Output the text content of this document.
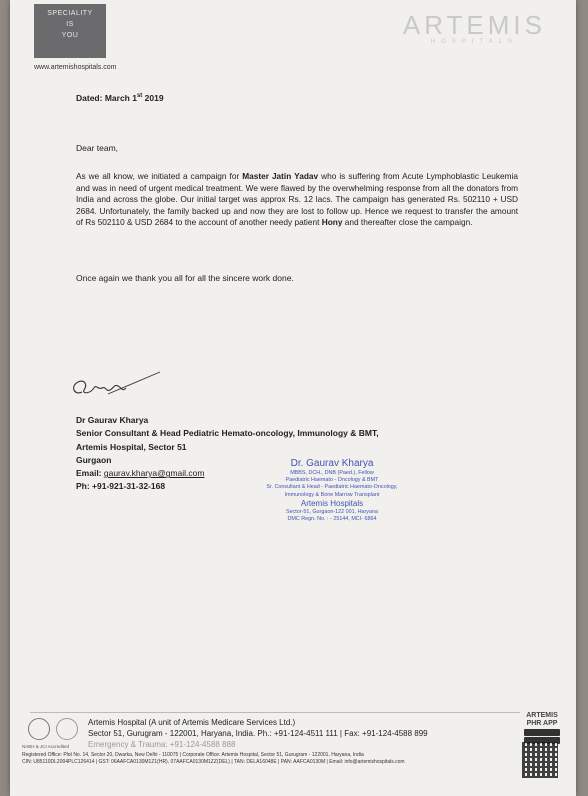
SPECIALITY
IS
YOU
www.artemishospitals.com
ARTEMIS
HOSPITALS
Dated: March 1st 2019
Dear team,
As we all know, we initiated a campaign for Master Jatin Yadav who is suffering from Acute Lymphoblastic Leukemia and was in need of urgent medical treatment. We were flawed by the overwhelming response from all the donators from India and across the globe. Our initial target was approx Rs. 12 lacs. The campaign has generated Rs. 502110 + USD 2684. Unfortunately, the family backed up and now they are lost to follow up. Hence we request to transfer the amount of Rs 502110 & USD 2684 to the account of another needy patient Hony and thereafter close the campaign.
Once again we thank you all for all the sincere work done.
Dr Gaurav Kharya
Senior Consultant & Head Pediatric Hemato-oncology, Immunology & BMT,
Artemis Hospital, Sector 51
Gurgaon
Email: gaurav.kharya@gmail.com
Ph: +91-921-31-32-168
Dr. Gaurav Kharya
MBBS, DCH., DNB (Paed.), Fellow
Paediatric Haemato - Oncology & BMT
Sr. Consultant & Head - Paediatric Haemato-Oncology,
Immunology & Bone Marrow Transplant
Artemis Hospitals
Sector-51, Gurgaon-122 001, Haryana
DMC Regn. No. : - 25144, MCI- 6864
NABH & JCI Accredited
Artemis Hospital (A unit of Artemis Medicare Services Ltd.)
Sector 51, Gurugram - 122001, Haryana, India. Ph.: +91-124-4511 111 | Fax: +91-124-4588 899
Emergency & Trauma: +91-124-4588 888
Registered Office: Plot No. 14, Sector 20, Dwarka, New Delhi - 110075 | Corporate Office: Artemis Hospital, Sector 51, Gurugram - 122001, Haryana, India
CIN: U85110DL2004PLC126414 | GST: 06AAFCA0130M1Z1(HR), 07AAFCA0130M1ZZ(DEL) | TAN: DELA16048E | PAN: AAFCA0130M | Email: info@artemishospitals.com
ARTEMIS
PHR APP
